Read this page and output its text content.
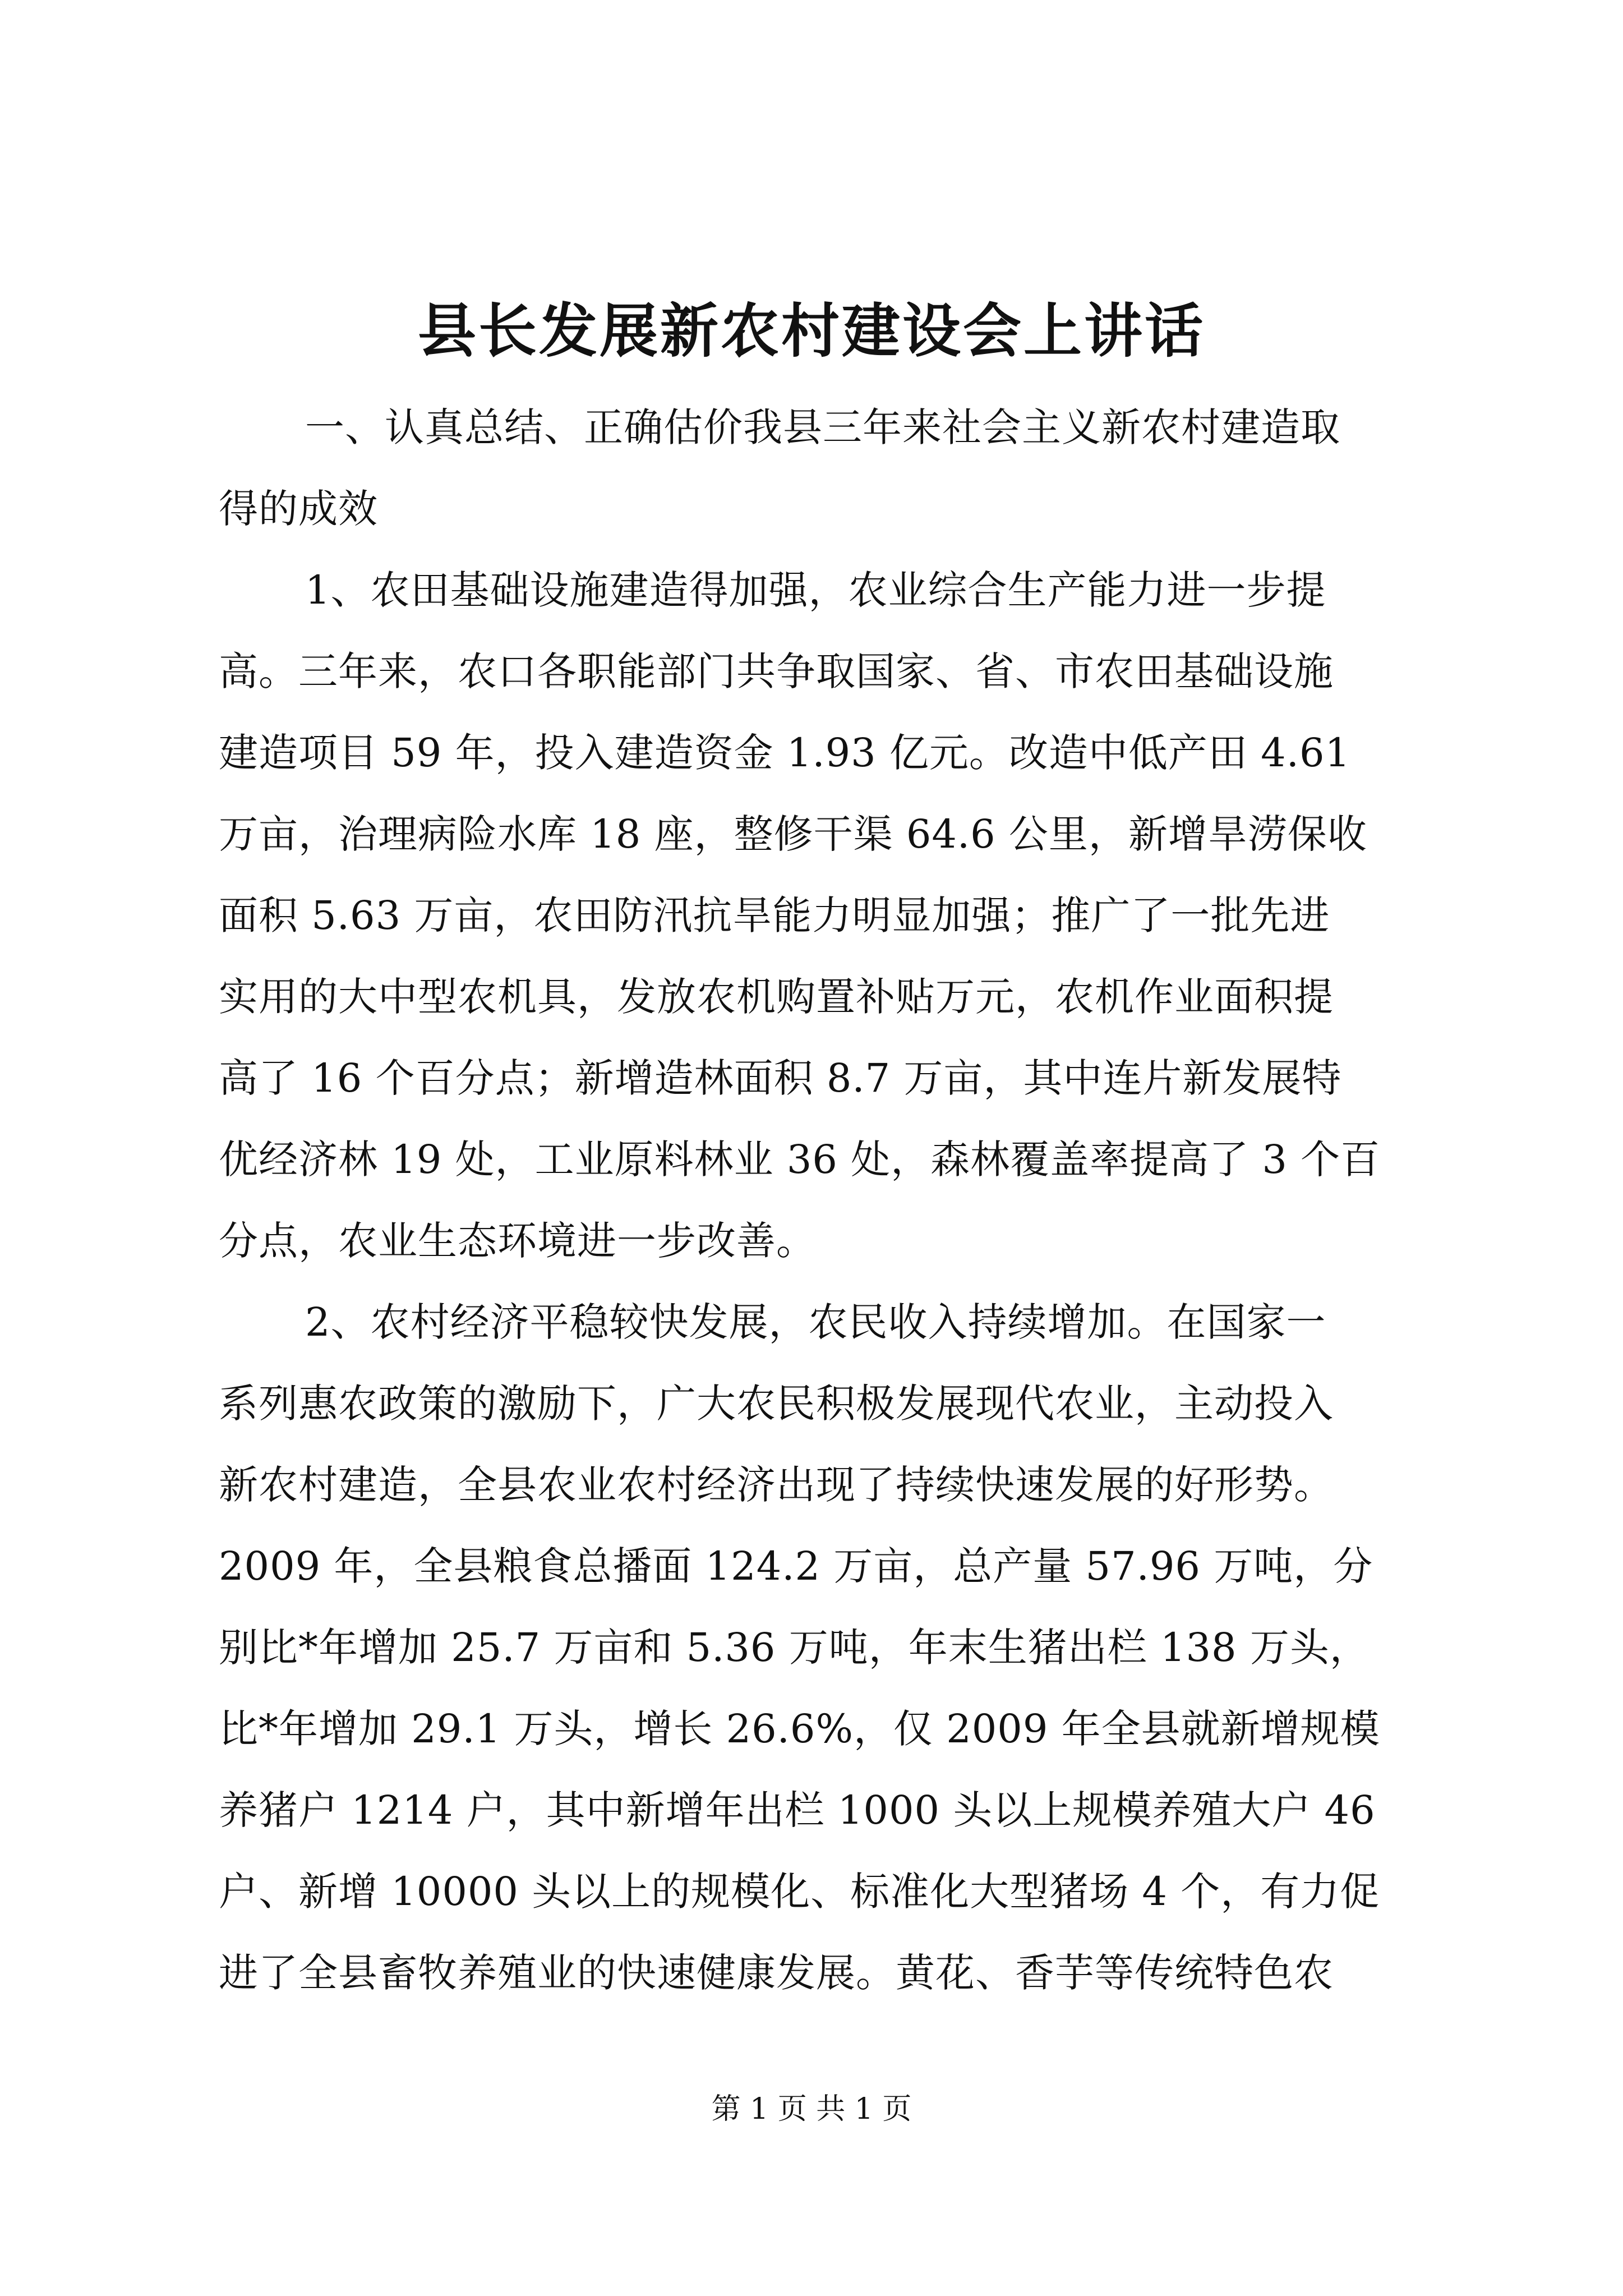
县长发展新农村建设会上讲话
一、认真总结、正确估价我县三年来社会主义新农村建造取
得的成效
1、农田基础设施建造得加强，农业综合生产能力进一步提
高。三年来，农口各职能部门共争取国家、省、市农田基础设施
建造项目 59 年，投入建造资金 1.93 亿元。改造中低产田 4.61
万亩，治理病险水库 18 座，整修干渠 64.6 公里，新增旱涝保收
面积 5.63 万亩，农田防汛抗旱能力明显加强；推广了一批先进
实用的大中型农机具，发放农机购置补贴万元，农机作业面积提
高了 16 个百分点；新增造林面积 8.7 万亩，其中连片新发展特
优经济林 19 处，工业原料林业 36 处，森林覆盖率提高了 3 个百
分点，农业生态环境进一步改善。
2、农村经济平稳较快发展，农民收入持续增加。在国家一
系列惠农政策的激励下，广大农民积极发展现代农业，主动投入
新农村建造，全县农业农村经济出现了持续快速发展的好形势。
2009 年，全县粮食总播面 124.2 万亩，总产量 57.96 万吨，分
别比*年增加 25.7 万亩和 5.36 万吨，年末生猪出栏 138 万头，
比*年增加 29.1 万头，增长 26.6%，仅 2009 年全县就新增规模
养猪户 1214 户，其中新增年出栏 1000 头以上规模养殖大户 46
户、新增 10000 头以上的规模化、标准化大型猪场 4 个，有力促
进了全县畜牧养殖业的快速健康发展。黄花、香芋等传统特色农
第 1 页 共 1 页
